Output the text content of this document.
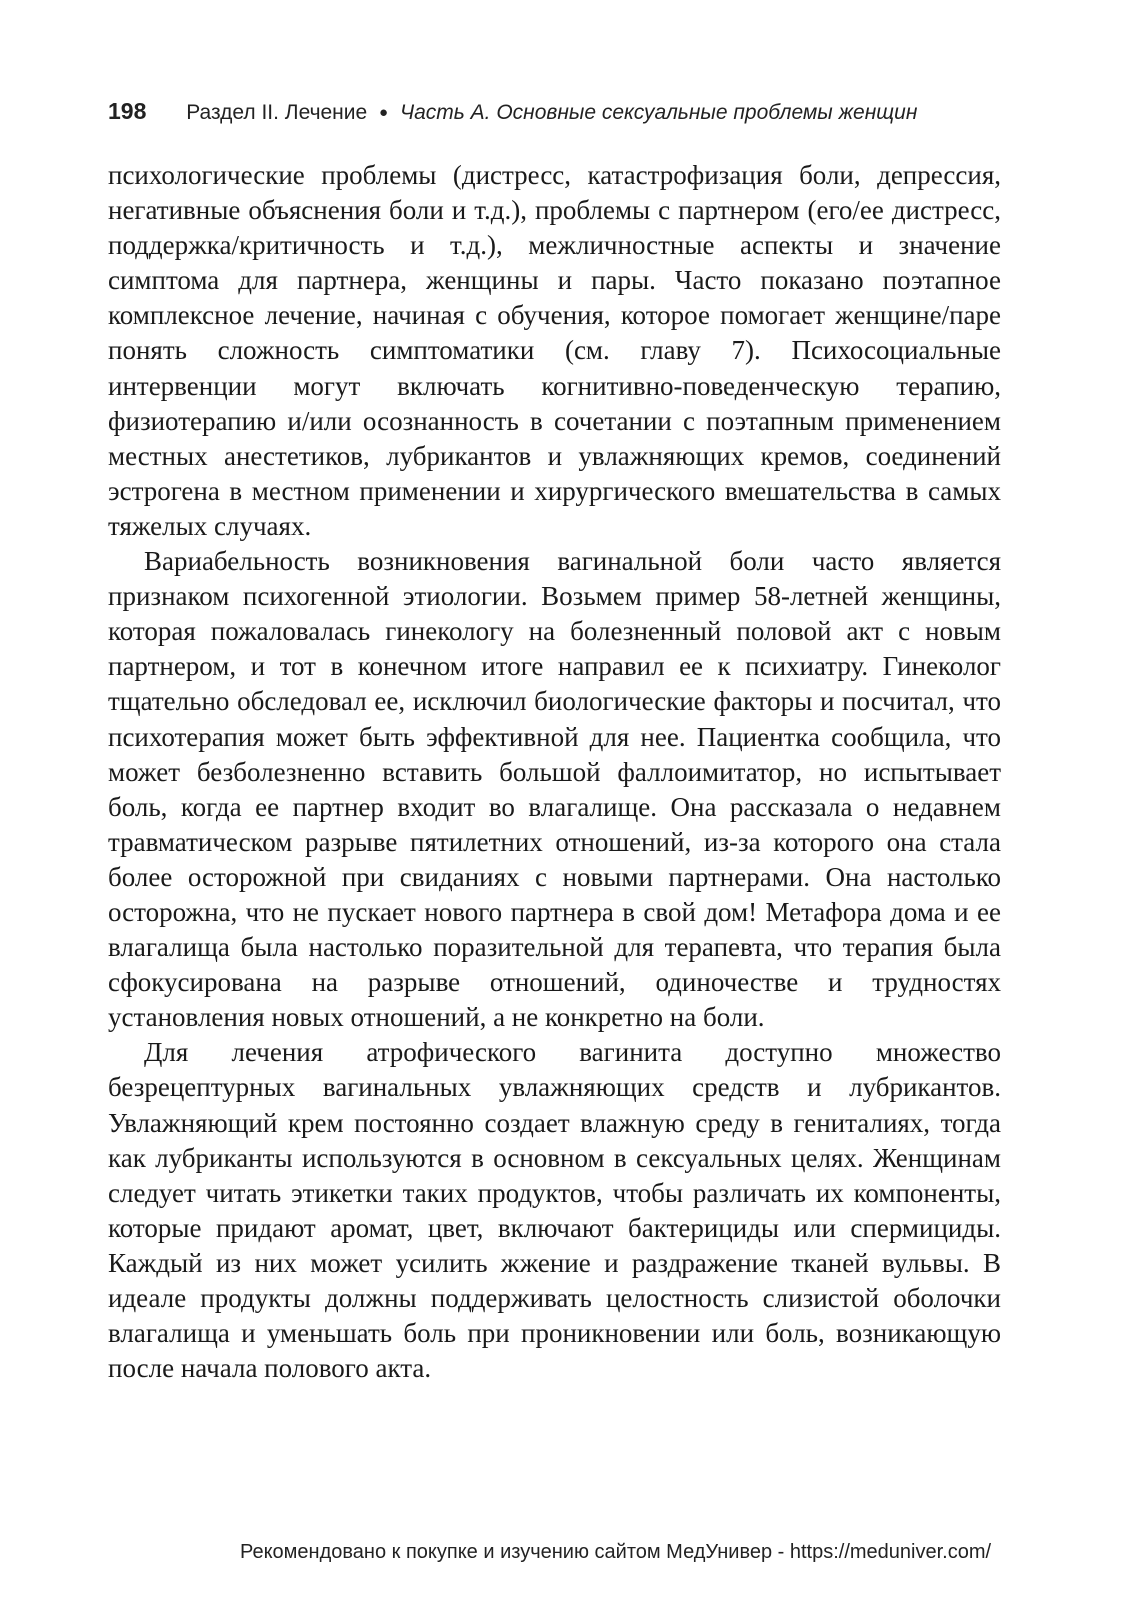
198 Раздел II. Лечение ● Часть А. Основные сексуальные проблемы женщин

психологические проблемы (дистресс, катастрофизация боли, депрессия, негативные объяснения боли и т.д.), проблемы с партнером (его/ее дистресс, поддержка/критичность и т.д.), межличностные аспекты и значение симптома для партнера, женщины и пары. Часто показано поэтапное комплексное лечение, начиная с обучения, которое помогает женщине/паре понять сложность симптоматики (см. главу 7). Психосоциальные интервенции могут включать когнитивно-поведенческую терапию, физиотерапию и/или осознанность в сочетании с поэтапным применением местных анестетиков, лубрикантов и увлажняющих кремов, соединений эстрогена в местном применении и хирургического вмешательства в самых тяжелых случаях.

Вариабельность возникновения вагинальной боли часто является признаком психогенной этиологии. Возьмем пример 58-летней женщины, которая пожаловалась гинекологу на болезненный половой акт с новым партнером, и тот в конечном итоге направил ее к психиатру. Гинеколог тщательно обследовал ее, исключил биологические факторы и посчитал, что психотерапия может быть эффективной для нее. Пациентка сообщила, что может безболезненно вставить большой фаллоимитатор, но испытывает боль, когда ее партнер входит во влагалище. Она рассказала о недавнем травматическом разрыве пятилетних отношений, из-за которого она стала более осторожной при свиданиях с новыми партнерами. Она настолько осторожна, что не пускает нового партнера в свой дом! Метафора дома и ее влагалища была настолько поразительной для терапевта, что терапия была сфокусирована на разрыве отношений, одиночестве и трудностях установления новых отношений, а не конкретно на боли.

Для лечения атрофического вагинита доступно множество безрецептурных вагинальных увлажняющих средств и лубрикантов. Увлажняющий крем постоянно создает влажную среду в гениталиях, тогда как лубриканты используются в основном в сексуальных целях. Женщинам следует читать этикетки таких продуктов, чтобы различать их компоненты, которые придают аромат, цвет, включают бактерициды или спермициды. Каждый из них может усилить жжение и раздражение тканей вульвы. В идеале продукты должны поддерживать целостность слизистой оболочки влагалища и уменьшать боль при проникновении или боль, возникающую после начала полового акта.

Рекомендовано к покупке и изучению сайтом МедУнивер - https://meduniver.com/
